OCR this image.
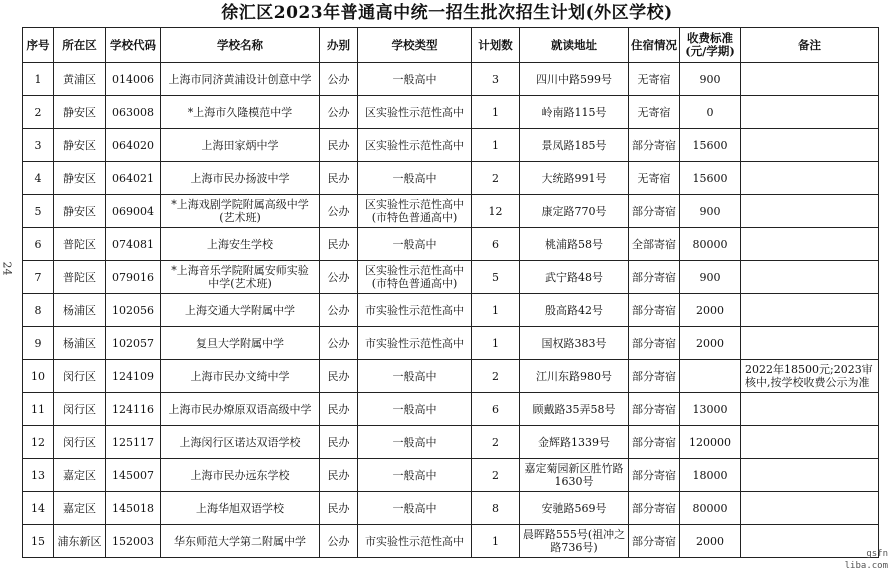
徐汇区2023年普通高中统一招生批次招生计划(外区学校)
24
序号	所在区	学校代码	学校名称	办别	学校类型	计划数	就读地址	住宿情况	收费标准
(元/学期)	备注
1	黄浦区	014006	上海市同济黄浦设计创意中学	公办	一般高中	3	四川中路599号	无寄宿	900	
2	静安区	063008	*上海市久隆模范中学	公办	区实验性示范性高中	1	岭南路115号	无寄宿	0	
3	静安区	064020	上海田家炳中学	民办	区实验性示范性高中	1	景凤路185号	部分寄宿	15600	
4	静安区	064021	上海市民办扬波中学	民办	一般高中	2	大统路991号	无寄宿	15600	
5	静安区	069004	*上海戏剧学院附属高级中学
(艺术班)	公办	区实验性示范性高中
(市特色普通高中)	12	康定路770号	部分寄宿	900	
6	普陀区	074081	上海安生学校	民办	一般高中	6	桃浦路58号	全部寄宿	80000	
7	普陀区	079016	*上海音乐学院附属安师实验
中学(艺术班)	公办	区实验性示范性高中
(市特色普通高中)	5	武宁路48号	部分寄宿	900	
8	杨浦区	102056	上海交通大学附属中学	公办	市实验性示范性高中	1	殷高路42号	部分寄宿	2000	
9	杨浦区	102057	复旦大学附属中学	公办	市实验性示范性高中	1	国权路383号	部分寄宿	2000	
10	闵行区	124109	上海市民办文绮中学	民办	一般高中	2	江川东路980号	部分寄宿		2022年18500元;2023审核中,按学校收费公示为准
11	闵行区	124116	上海市民办燎原双语高级中学	民办	一般高中	6	顾戴路35弄58号	部分寄宿	13000	
12	闵行区	125117	上海闵行区诺达双语学校	民办	一般高中	2	金辉路1339号	部分寄宿	120000	
13	嘉定区	145007	上海市民办远东学校	民办	一般高中	2	嘉定菊园新区胜竹路
1630号	部分寄宿	18000	
14	嘉定区	145018	上海华旭双语学校	民办	一般高中	8	安驰路569号	部分寄宿	80000	
15	浦东新区	152003	华东师范大学第二附属中学	公办	市实验性示范性高中	1	晨晖路555号(祖冲之
路736号)	部分寄宿	2000	
gsfn
liba.com
